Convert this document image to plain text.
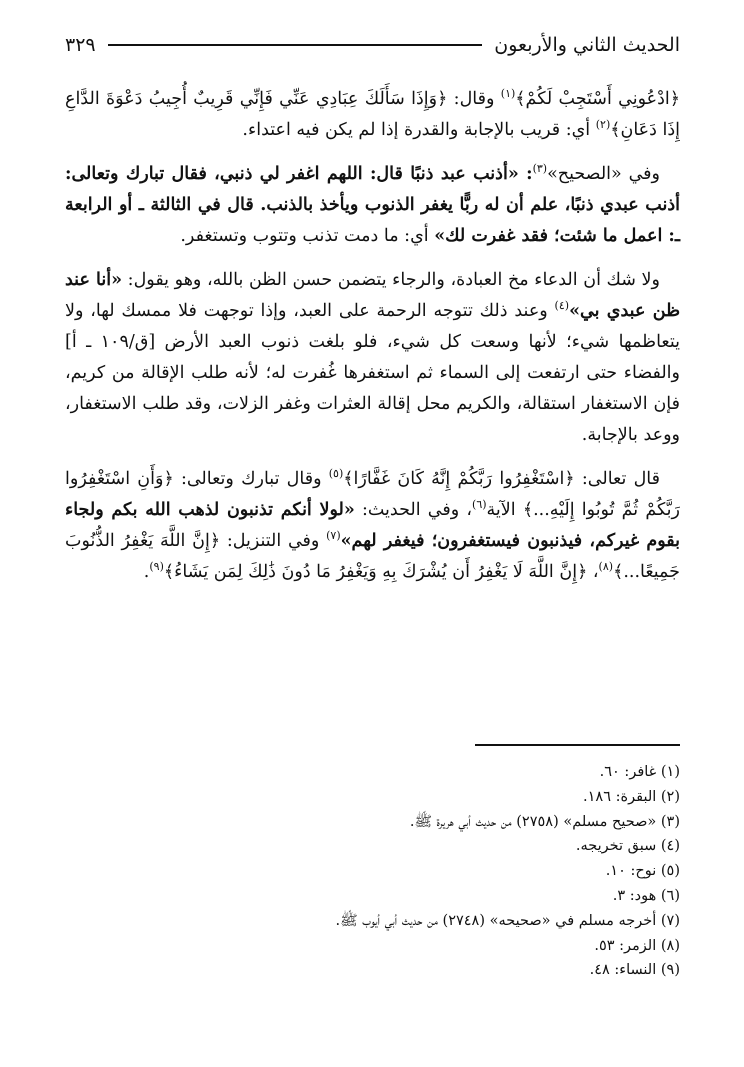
الحديث الثاني والأربعون
٣٢٩

﴿ادْعُونِي أَسْتَجِبْ لَكُمْ﴾$^{(١)}$ وقال: ﴿وَإِذَا سَأَلَكَ عِبَادِي عَنِّي فَإِنِّي قَرِيبٌ أُجِيبُ دَعْوَةَ الدَّاعِ إِذَا دَعَانِ﴾$^{(٢)}$ أي: قريب بالإجابة والقدرة إذا لم يكن فيه اعتداء.

وفي «الصحيح»$^{(٣)}$: «أذنب عبد ذنبًا قال: اللهم اغفر لي ذنبي، فقال تبارك وتعالى: أذنب عبدي ذنبًا، علم أن له ربًّا يغفر الذنوب ويأخذ بالذنب. قال في الثالثة ـ أو الرابعة ـ: اعمل ما شئت؛ فقد غفرت لك» أي: ما دمت تذنب وتتوب وتستغفر.

ولا شك أن الدعاء مخ العبادة، والرجاء يتضمن حسن الظن بالله، وهو يقول: «أنا عند ظن عبدي بي»$^{(٤)}$ وعند ذلك تتوجه الرحمة على العبد، وإذا توجهت فلا ممسك لها، ولا يتعاظمها شيء؛ لأنها وسعت كل شيء، فلو بلغت ذنوب العبد الأرض [ق/١٠٩ ـ أ] والفضاء حتى ارتفعت إلى السماء ثم استغفرها غُفرت له؛ لأنه طلب الإقالة من كريم، فإن الاستغفار استقالة، والكريم محل إقالة العثرات وغفر الزلات، وقد طلب الاستغفار، ووعد بالإجابة.

قال تعالى: ﴿اسْتَغْفِرُوا رَبَّكُمْ إِنَّهُ كَانَ غَفَّارًا﴾$^{(٥)}$ وقال تبارك وتعالى: ﴿وَأَنِ اسْتَغْفِرُوا رَبَّكُمْ ثُمَّ تُوبُوا إِلَيْهِ...﴾ الآية$^{(٦)}$، وفي الحديث: «لولا أنكم تذنبون لذهب الله بكم ولجاء بقوم غيركم، فيذنبون فيستغفرون؛ فيغفر لهم»$^{(٧)}$ وفي التنزيل: ﴿إِنَّ اللَّهَ يَغْفِرُ الذُّنُوبَ جَمِيعًا...﴾$^{(٨)}$، ﴿إِنَّ اللَّهَ لَا يَغْفِرُ أَن يُشْرَكَ بِهِ وَيَغْفِرُ مَا دُونَ ذَٰلِكَ لِمَن يَشَاءُ﴾$^{(٩)}$.

(١) غافر: ٦٠.
(٢) البقرة: ١٨٦.
(٣) «صحيح مسلم» (٢٧٥٨) من حديث أبي هريرة ﷺ.
(٤) سبق تخريجه.
(٥) نوح: ١٠.
(٦) هود: ٣.
(٧) أخرجه مسلم في «صحيحه» (٢٧٤٨) من حديث أبي أيوب ﷺ.
(٨) الزمر: ٥٣.
(٩) النساء: ٤٨.
